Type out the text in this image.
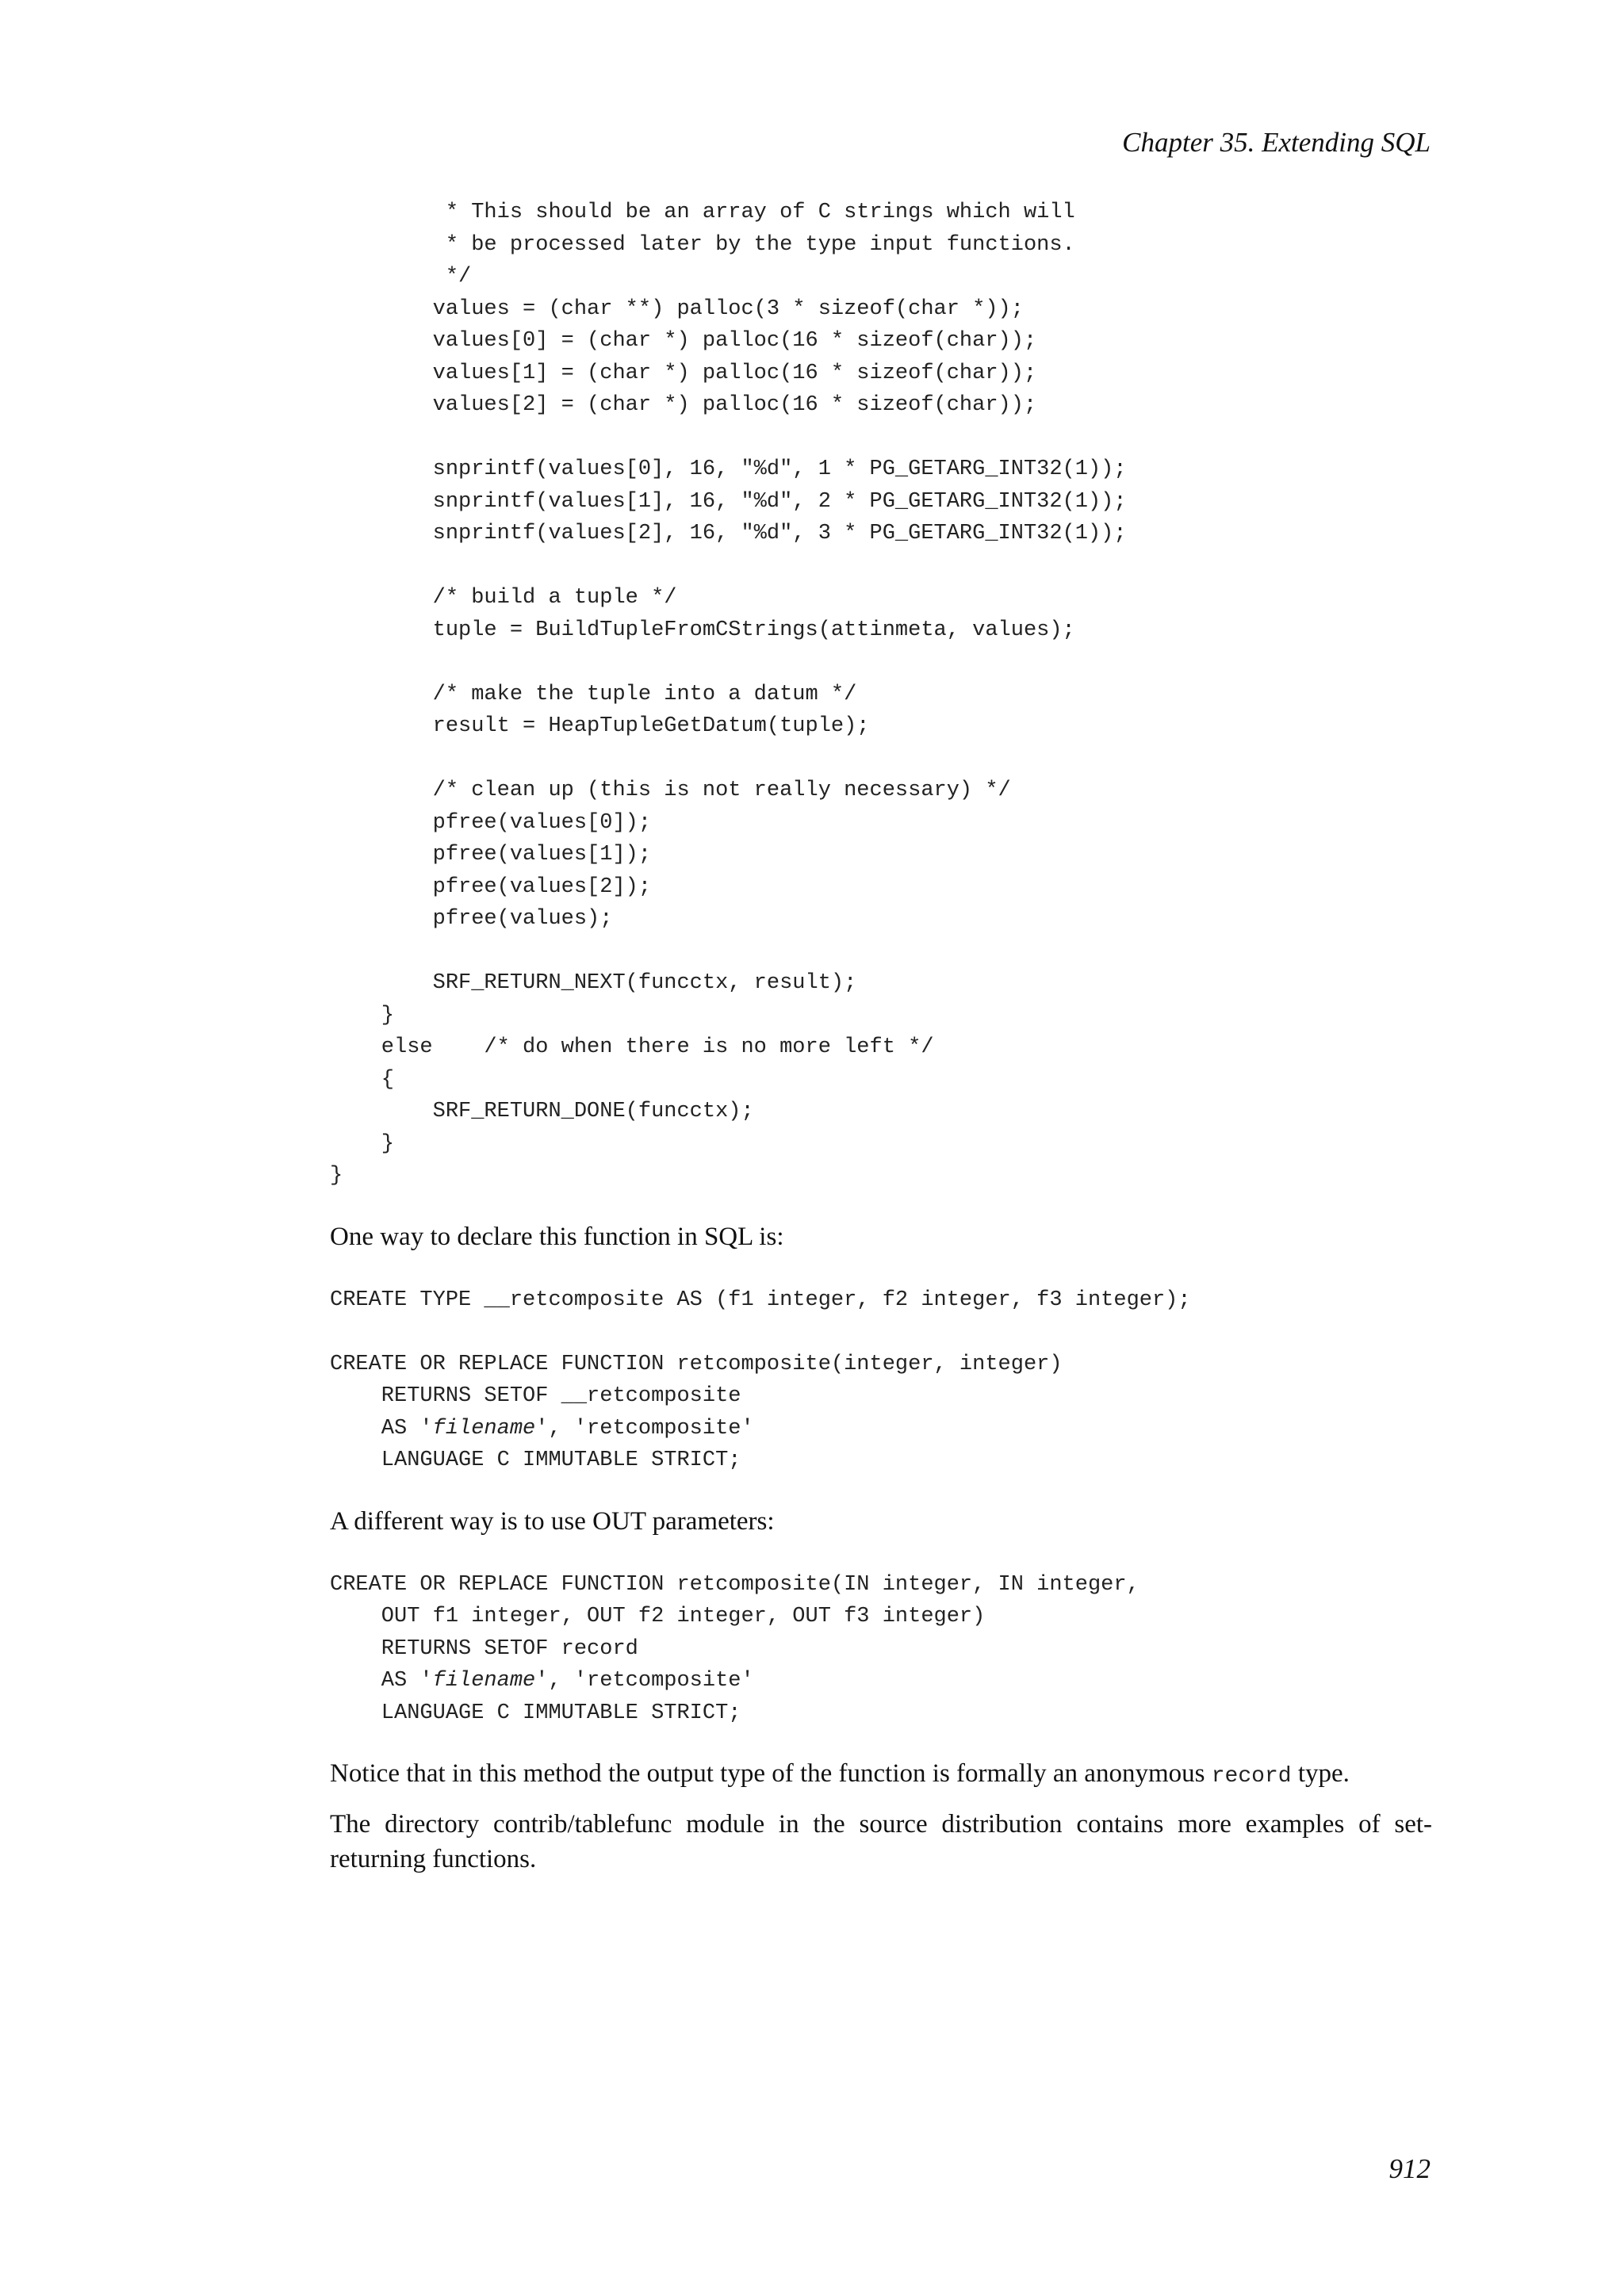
Chapter 35. Extending SQL
* This should be an array of C strings which will
* be processed later by the type input functions.
*/
values = (char **) palloc(3 * sizeof(char *));
values[0] = (char *) palloc(16 * sizeof(char));
values[1] = (char *) palloc(16 * sizeof(char));
values[2] = (char *) palloc(16 * sizeof(char));

snprintf(values[0], 16, "%d", 1 * PG_GETARG_INT32(1));
snprintf(values[1], 16, "%d", 2 * PG_GETARG_INT32(1));
snprintf(values[2], 16, "%d", 3 * PG_GETARG_INT32(1));

/* build a tuple */
tuple = BuildTupleFromCStrings(attinmeta, values);

/* make the tuple into a datum */
result = HeapTupleGetDatum(tuple);

/* clean up (this is not really necessary) */
pfree(values[0]);
pfree(values[1]);
pfree(values[2]);
pfree(values);

SRF_RETURN_NEXT(funcctx, result);
}
else    /* do when there is no more left */
{
SRF_RETURN_DONE(funcctx);
}
}

One way to declare this function in SQL is:

CREATE TYPE __retcomposite AS (f1 integer, f2 integer, f3 integer);

CREATE OR REPLACE FUNCTION retcomposite(integer, integer)
RETURNS SETOF __retcomposite
AS 'filename', 'retcomposite'
LANGUAGE C IMMUTABLE STRICT;

A different way is to use OUT parameters:

CREATE OR REPLACE FUNCTION retcomposite(IN integer, IN integer,
OUT f1 integer, OUT f2 integer, OUT f3 integer)
RETURNS SETOF record
AS 'filename', 'retcomposite'
LANGUAGE C IMMUTABLE STRICT;

Notice that in this method the output type of the function is formally an anonymous record type.

The directory contrib/tablefunc module in the source distribution contains more examples of set-returning functions.

912
